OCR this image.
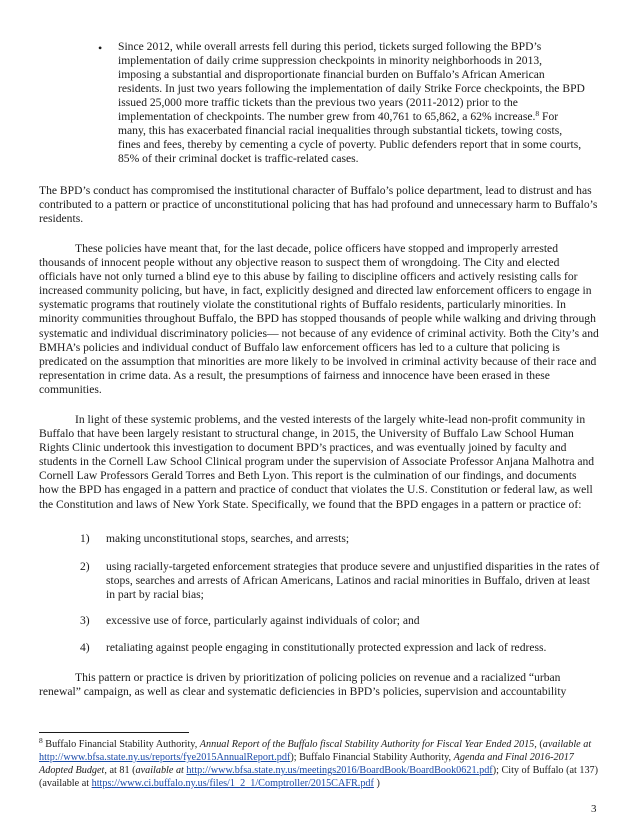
• Since 2012, while overall arrests fell during this period, tickets surged following the BPD’s implementation of daily crime suppression checkpoints in minority neighborhoods in 2013, imposing a substantial and disproportionate financial burden on Buffalo’s African American residents. In just two years following the implementation of daily Strike Force checkpoints, the BPD issued 25,000 more traffic tickets than the previous two years (2011-2012) prior to the implementation of checkpoints. The number grew from 40,761 to 65,862, a 62% increase.$^8$ For many, this has exacerbated financial racial inequalities through substantial tickets, towing costs, fines and fees, thereby by cementing a cycle of poverty. Public defenders report that in some courts, 85% of their criminal docket is traffic-related cases.

The BPD’s conduct has compromised the institutional character of Buffalo’s police department, lead to distrust and has contributed to a pattern or practice of unconstitutional policing that has had profound and unnecessary harm to Buffalo’s residents.

These policies have meant that, for the last decade, police officers have stopped and improperly arrested thousands of innocent people without any objective reason to suspect them of wrongdoing. The City and elected officials have not only turned a blind eye to this abuse by failing to discipline officers and actively resisting calls for increased community policing, but have, in fact, explicitly designed and directed law enforcement officers to engage in systematic programs that routinely violate the constitutional rights of Buffalo residents, particularly minorities. In minority communities throughout Buffalo, the BPD has stopped thousands of people while walking and driving through systematic and individual discriminatory policies— not because of any evidence of criminal activity. Both the City’s and BMHA’s policies and individual conduct of Buffalo law enforcement officers has led to a culture that policing is predicated on the assumption that minorities are more likely to be involved in criminal activity because of their race and representation in crime data. As a result, the presumptions of fairness and innocence have been erased in these communities.

In light of these systemic problems, and the vested interests of the largely white-lead non-profit community in Buffalo that have been largely resistant to structural change, in 2015, the University of Buffalo Law School Human Rights Clinic undertook this investigation to document BPD’s practices, and was eventually joined by faculty and students in the Cornell Law School Clinical program under the supervision of Associate Professor Anjana Malhotra and Cornell Law Professors Gerald Torres and Beth Lyon. This report is the culmination of our findings, and documents how the BPD has engaged in a pattern and practice of conduct that violates the U.S. Constitution or federal law, as well the Constitution and laws of New York State. Specifically, we found that the BPD engages in a pattern or practice of:

1) making unconstitutional stops, searches, and arrests;
2) using racially-targeted enforcement strategies that produce severe and unjustified disparities in the rates of stops, searches and arrests of African Americans, Latinos and racial minorities in Buffalo, driven at least in part by racial bias;
3) excessive use of force, particularly against individuals of color; and
4) retaliating against people engaging in constitutionally protected expression and lack of redress.

This pattern or practice is driven by prioritization of policing policies on revenue and a racialized “urban renewal” campaign, as well as clear and systematic deficiencies in BPD’s policies, supervision and accountability

$^8$ Buffalo Financial Stability Authority, Annual Report of the Buffalo fiscal Stability Authority for Fiscal Year Ended 2015, (available at http://www.bfsa.state.ny.us/reports/fye2015AnnualReport.pdf); Buffalo Financial Stability Authority, Agenda and Final 2016-2017 Adopted Budget, at 81 (available at http://www.bfsa.state.ny.us/meetings2016/BoardBook/BoardBook0621.pdf); City of Buffalo (at 137) (available at https://www.ci.buffalo.ny.us/files/1_2_1/Comptroller/2015CAFR.pdf )
3
